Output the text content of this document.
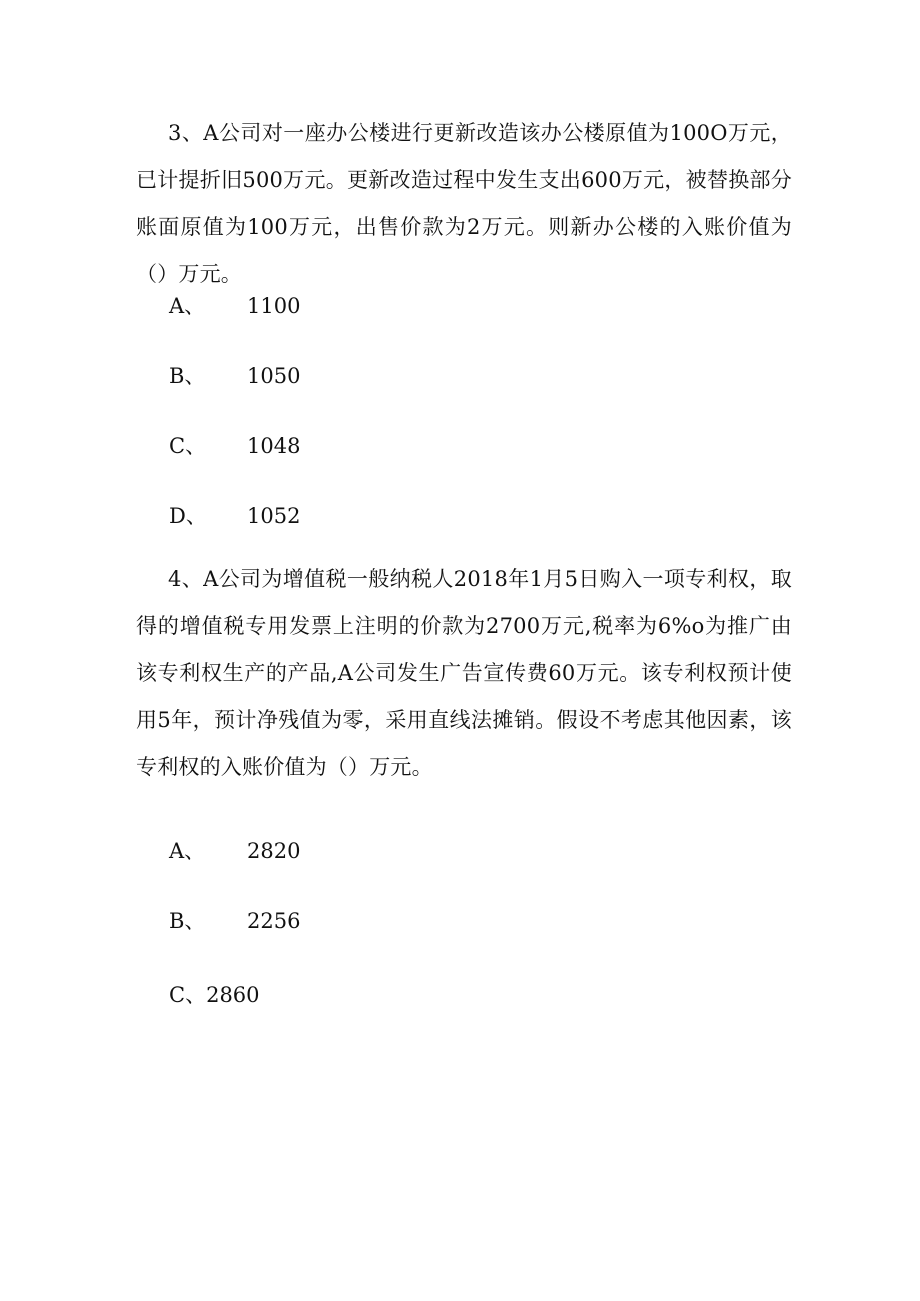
3、A公司对一座办公楼进行更新改造该办公楼原值为100O万元，已计提折旧500万元。更新改造过程中发生支出600万元，被替换部分账面原值为100万元，出售价款为2万元。则新办公楼的入账价值为（）万元。

A、 1100
B、 1050
C、 1048
D、 1052

4、A公司为增值税一般纳税人2018年1月5日购入一项专利权，取得的增值税专用发票上注明的价款为2700万元,税率为6%o为推广由该专利权生产的产品,A公司发生广告宣传费60万元。该专利权预计使用5年，预计净残值为零，采用直线法摊销。假设不考虑其他因素，该专利权的入账价值为（）万元。

A、 2820
B、 2256
C、2860
